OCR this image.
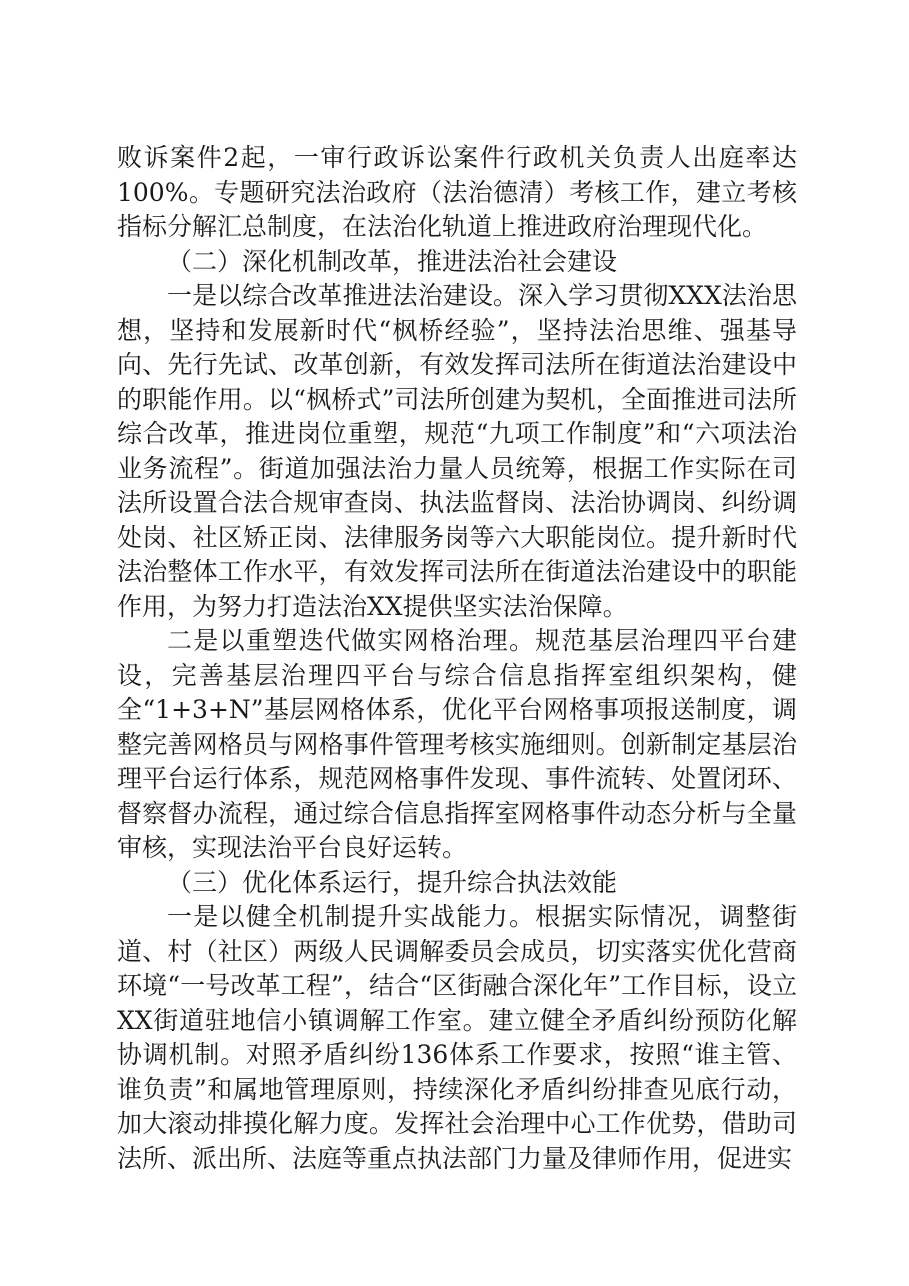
败诉案件2起，一审行政诉讼案件行政机关负责人出庭率达100%。专题研究法治政府（法治德清）考核工作，建立考核指标分解汇总制度，在法治化轨道上推进政府治理现代化。

（二）深化机制改革，推进法治社会建设

一是以综合改革推进法治建设。深入学习贯彻XXX法治思想，坚持和发展新时代“枫桥经验”，坚持法治思维、强基导向、先行先试、改革创新，有效发挥司法所在街道法治建设中的职能作用。以“枫桥式”司法所创建为契机，全面推进司法所综合改革，推进岗位重塑，规范“九项工作制度”和“六项法治业务流程”。街道加强法治力量人员统筹，根据工作实际在司法所设置合法合规审查岗、执法监督岗、法治协调岗、纠纷调处岗、社区矫正岗、法律服务岗等六大职能岗位。提升新时代法治整体工作水平，有效发挥司法所在街道法治建设中的职能作用，为努力打造法治XX提供坚实法治保障。

二是以重塑迭代做实网格治理。规范基层治理四平台建设，完善基层治理四平台与综合信息指挥室组织架构，健全“1+3+N”基层网格体系，优化平台网格事项报送制度，调整完善网格员与网格事件管理考核实施细则。创新制定基层治理平台运行体系，规范网格事件发现、事件流转、处置闭环、督察督办流程，通过综合信息指挥室网格事件动态分析与全量审核，实现法治平台良好运转。

（三）优化体系运行，提升综合执法效能

一是以健全机制提升实战能力。根据实际情况，调整街道、村（社区）两级人民调解委员会成员，切实落实优化营商环境“一号改革工程”，结合“区街融合深化年”工作目标，设立XX街道驻地信小镇调解工作室。建立健全矛盾纠纷预防化解协调机制。对照矛盾纠纷136体系工作要求，按照“谁主管、谁负责”和属地管理原则，持续深化矛盾纠纷排查见底行动，加大滚动排摸化解力度。发挥社会治理中心工作优势，借助司法所、派出所、法庭等重点执法部门力量及律师作用，促进实
